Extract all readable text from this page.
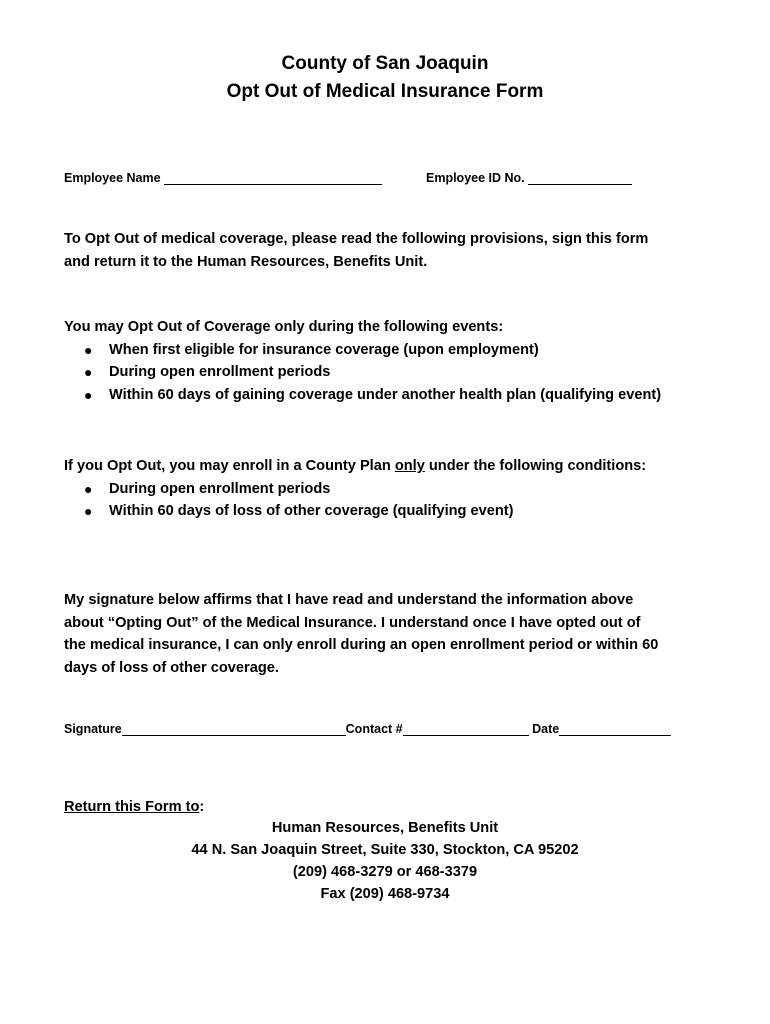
County of San Joaquin
Opt Out of Medical Insurance Form
Employee Name	Employee ID No.
To Opt Out of medical coverage, please read the following provisions, sign this form
and return it to the Human Resources, Benefits Unit.
You may Opt Out of Coverage only during the following events:
● When first eligible for insurance coverage (upon employment)
● During open enrollment periods
● Within 60 days of gaining coverage under another health plan (qualifying event)
If you Opt Out, you may enroll in a County Plan only under the following conditions:
● During open enrollment periods
● Within 60 days of loss of other coverage (qualifying event)
My signature below affirms that I have read and understand the information above
about “Opting Out” of the Medical Insurance. I understand once I have opted out of
the medical insurance, I can only enroll during an open enrollment period or within 60
days of loss of other coverage.
Signature	Contact #	Date
Return this Form to:
Human Resources, Benefits Unit
44 N. San Joaquin Street, Suite 330, Stockton, CA 95202
(209) 468-3279 or 468-3379
Fax (209) 468-9734
